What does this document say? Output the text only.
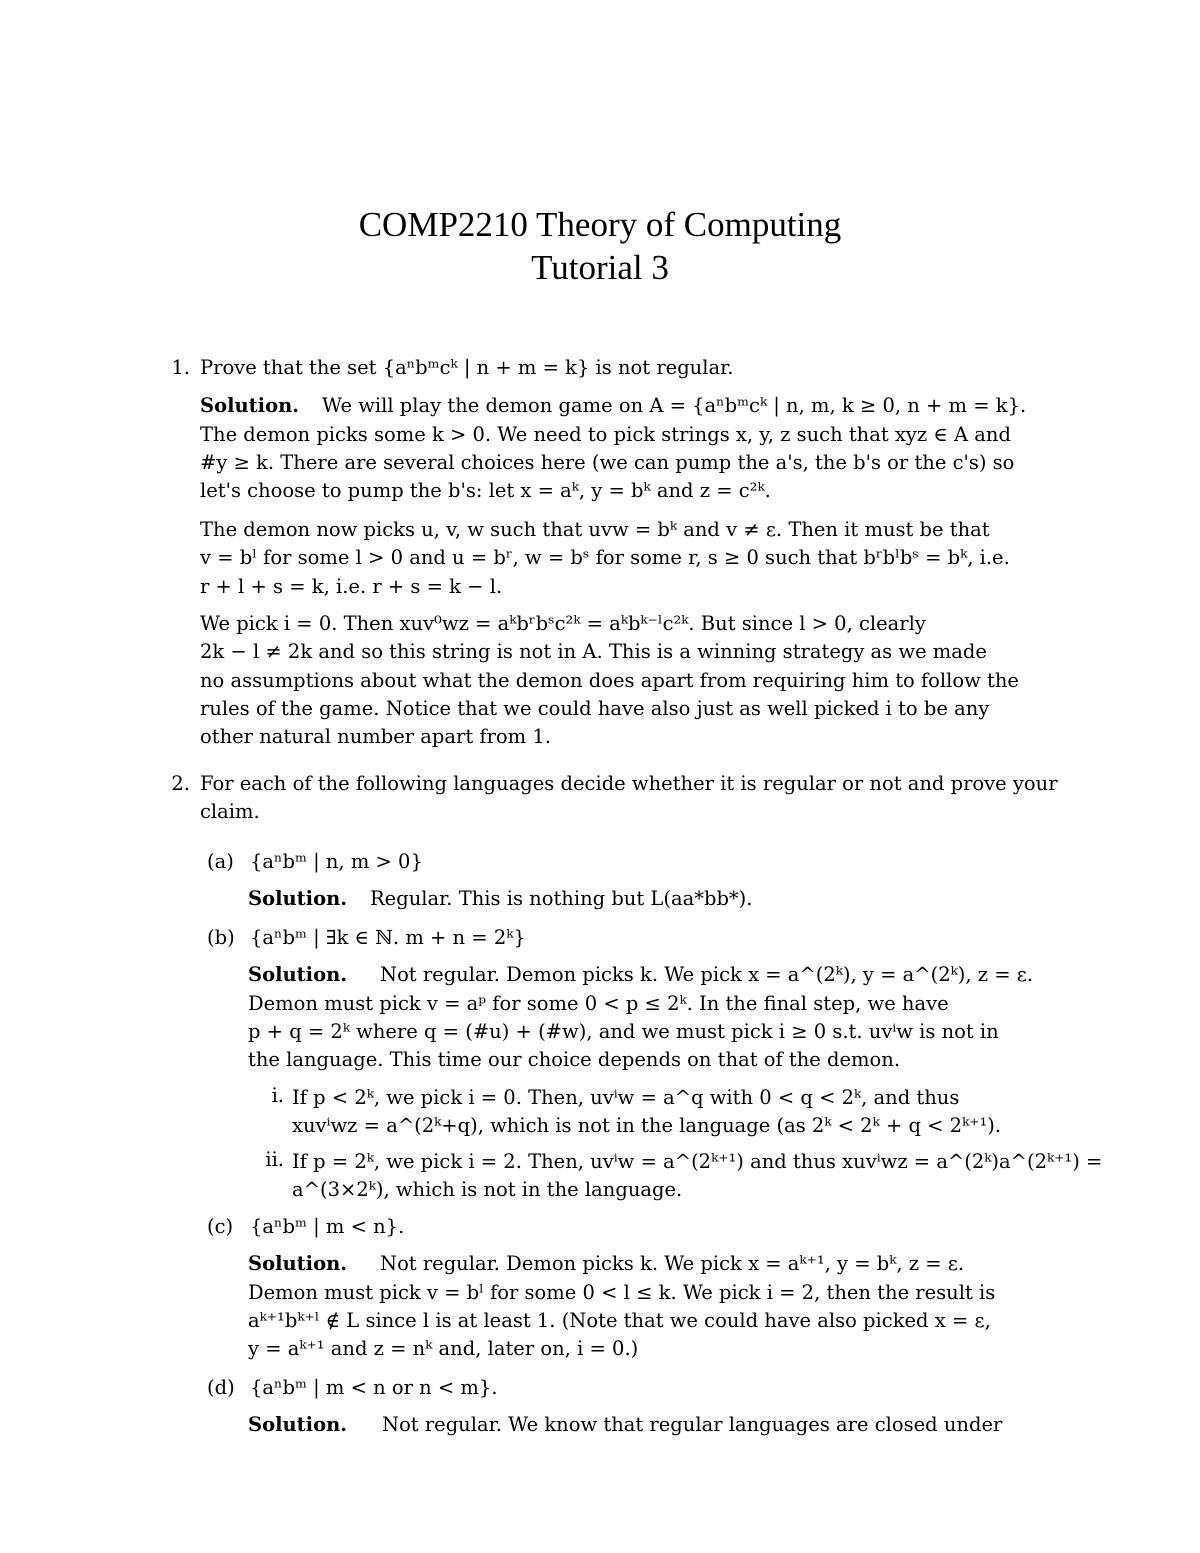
COMP2210 Theory of Computing
Tutorial 3
1. Prove that the set {aⁿbᵐcᵏ | n + m = k} is not regular.
Solution. We will play the demon game on A = {aⁿbᵐcᵏ | n, m, k ≥ 0, n + m = k}.
The demon picks some k > 0. We need to pick strings x, y, z such that xyz ∈ A and
#y ≥ k. There are several choices here (we can pump the a's, the b's or the c's) so
let's choose to pump the b's: let x = aᵏ, y = bᵏ and z = c²ᵏ.
The demon now picks u, v, w such that uvw = bᵏ and v ≠ ε. Then it must be that
v = bˡ for some l > 0 and u = bʳ, w = bˢ for some r, s ≥ 0 such that bʳbˡbˢ = bᵏ, i.e.
r + l + s = k, i.e. r + s = k − l.
We pick i = 0. Then xuv⁰wz = aᵏbʳbˢc²ᵏ = aᵏbᵏ⁻ˡc²ᵏ. But since l > 0, clearly
2k − l ≠ 2k and so this string is not in A. This is a winning strategy as we made
no assumptions about what the demon does apart from requiring him to follow the
rules of the game. Notice that we could have also just as well picked i to be any
other natural number apart from 1.
2. For each of the following languages decide whether it is regular or not and prove your
claim.
(a) {aⁿbᵐ | n, m > 0}
Solution. Regular. This is nothing but L(aa*bb*).
(b) {aⁿbᵐ | ∃k ∈ ℕ. m + n = 2ᵏ}
Solution. Not regular. Demon picks k. We pick x = a^(2ᵏ), y = a^(2ᵏ), z = ε.
Demon must pick v = aᵖ for some 0 < p ≤ 2ᵏ. In the final step, we have
p + q = 2ᵏ where q = (#u) + (#w), and we must pick i ≥ 0 s.t. uvⁱw is not in
the language. This time our choice depends on that of the demon.
i. If p < 2ᵏ, we pick i = 0. Then, uvⁱw = a^q with 0 < q < 2ᵏ, and thus
xuvⁱwz = a^(2ᵏ+q), which is not in the language (as 2ᵏ < 2ᵏ + q < 2ᵏ⁺¹).
ii. If p = 2ᵏ, we pick i = 2. Then, uvⁱw = a^(2ᵏ⁺¹) and thus xuvⁱwz = a^(2ᵏ)a^(2ᵏ⁺¹) =
a^(3×2ᵏ), which is not in the language.
(c) {aⁿbᵐ | m < n}.
Solution. Not regular. Demon picks k. We pick x = aᵏ⁺¹, y = bᵏ, z = ε.
Demon must pick v = bˡ for some 0 < l ≤ k. We pick i = 2, then the result is
aᵏ⁺¹bᵏ⁺ˡ ∉ L since l is at least 1. (Note that we could have also picked x = ε,
y = aᵏ⁺¹ and z = nᵏ and, later on, i = 0.)
(d) {aⁿbᵐ | m < n or n < m}.
Solution. Not regular. We know that regular languages are closed under
